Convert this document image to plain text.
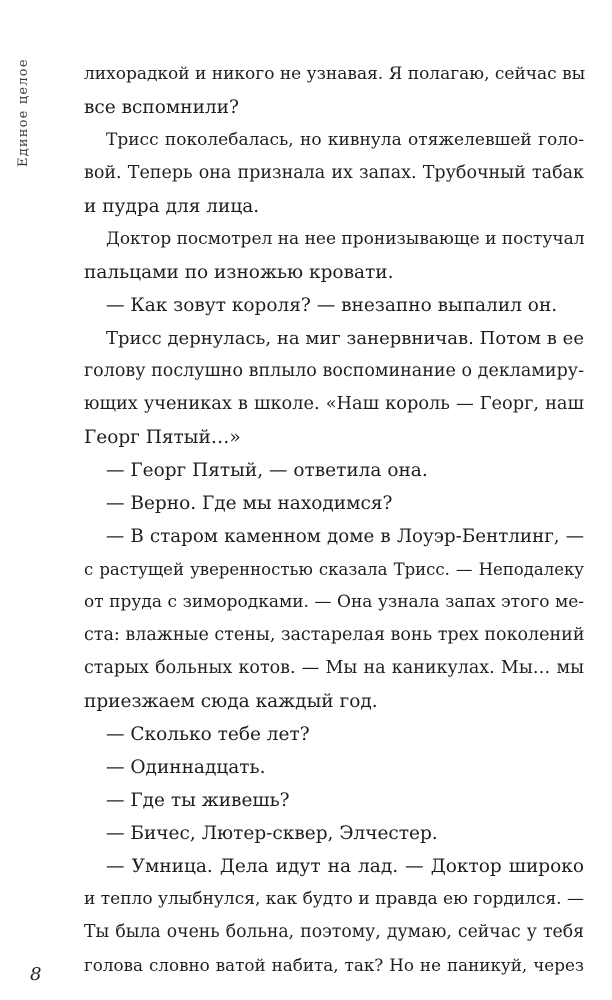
Единое целое	лихорадкой и никого не узнавая. Я полагаю, сейчас вы
все вспомнили?
Трисс поколебалась, но кивнула отяжелевшей голо-
вой. Теперь она признала их запах. Трубочный табак
и пудра для лица.
Доктор посмотрел на нее пронизывающе и постучал
пальцами по изножью кровати.
— Как зовут короля? — внезапно выпалил он.
Трисс дернулась, на миг занервничав. Потом в ее
голову послушно вплыло воспоминание о декламиру-
ющих учениках в школе. «Наш король — Георг, наш
Георг Пятый…»
— Георг Пятый, — ответила она.
— Верно. Где мы находимся?
— В старом каменном доме в Лоуэр-Бентлинг, —
с растущей уверенностью сказала Трисс. — Неподалеку
от пруда с зимородками. — Она узнала запах этого ме-
ста: влажные стены, застарелая вонь трех поколений
старых больных котов. — Мы на каникулах. Мы… мы
приезжаем сюда каждый год.
— Сколько тебе лет?
— Одиннадцать.
— Где ты живешь?
— Бичес, Лютер-сквер, Элчестер.
— Умница. Дела идут на лад. — Доктор широко
и тепло улыбнулся, как будто и правда ею гордился. —
Ты была очень больна, поэтому, думаю, сейчас у тебя
голова словно ватой набита, так? Но не паникуй, через
8
